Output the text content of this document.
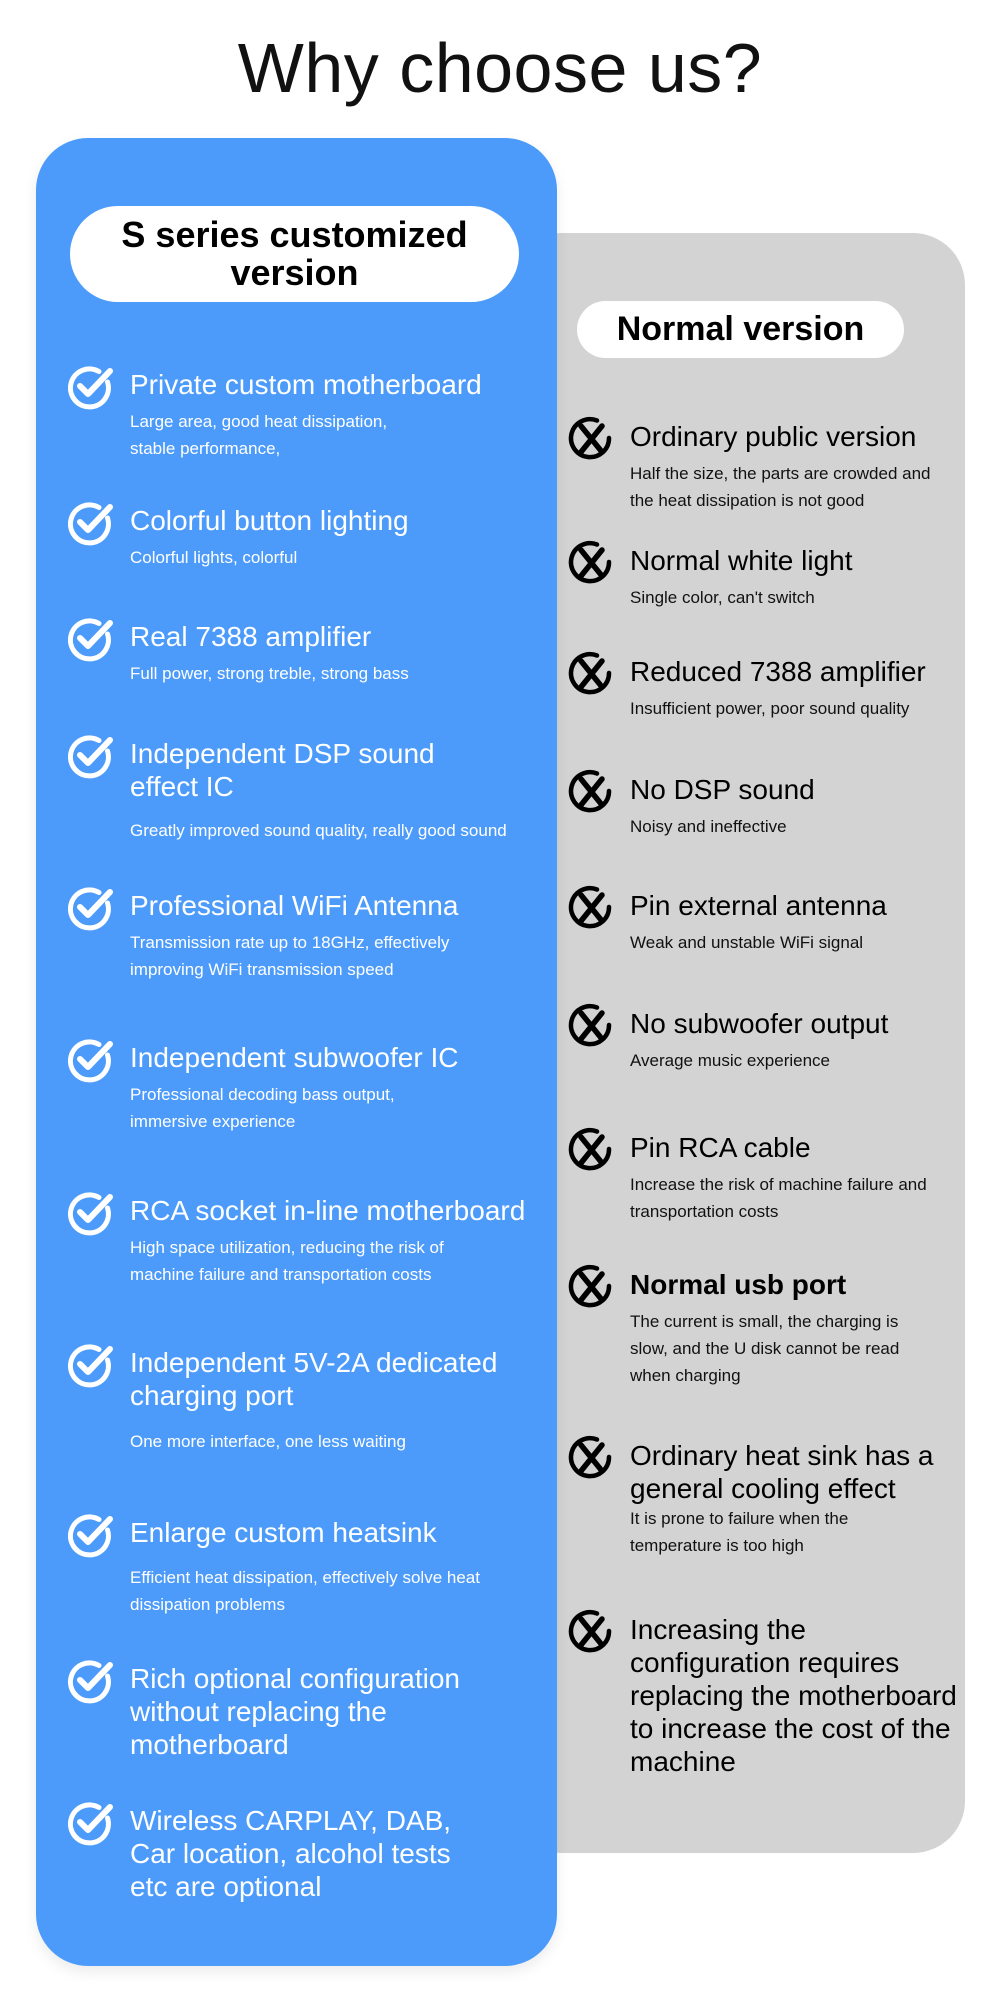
Why choose us?
S series customized version
Normal version
Private custom motherboard
Large area, good heat dissipation, stable performance,
Colorful button lighting
Colorful lights, colorful
Real 7388 amplifier
Full power, strong treble, strong bass
Independent DSP sound effect IC
Greatly improved sound quality, really good sound
Professional WiFi Antenna
Transmission rate up to 18GHz, effectively improving WiFi transmission speed
Independent subwoofer IC
Professional decoding bass output, immersive experience
RCA socket in-line motherboard
High space utilization, reducing the risk of machine failure and transportation costs
Independent 5V-2A dedicated charging port
One more interface, one less waiting
Enlarge custom heatsink
Efficient heat dissipation, effectively solve heat dissipation problems
Rich optional configuration without replacing the motherboard
Wireless CARPLAY, DAB, Car location, alcohol tests etc are optional
Ordinary public version
Half the size, the parts are crowded and the heat dissipation is not good
Normal white light
Single color, can't switch
Reduced 7388 amplifier
Insufficient power, poor sound quality
No DSP sound
Noisy and ineffective
Pin external antenna
Weak and unstable WiFi signal
No subwoofer output
Average music experience
Pin RCA cable
Increase the risk of machine failure and transportation costs
Normal usb port
The current is small, the charging is slow, and the U disk cannot be read when charging
Ordinary heat sink has a general cooling effect
It is prone to failure when the temperature is too high
Increasing the configuration requires replacing the motherboard to increase the cost of the machine
